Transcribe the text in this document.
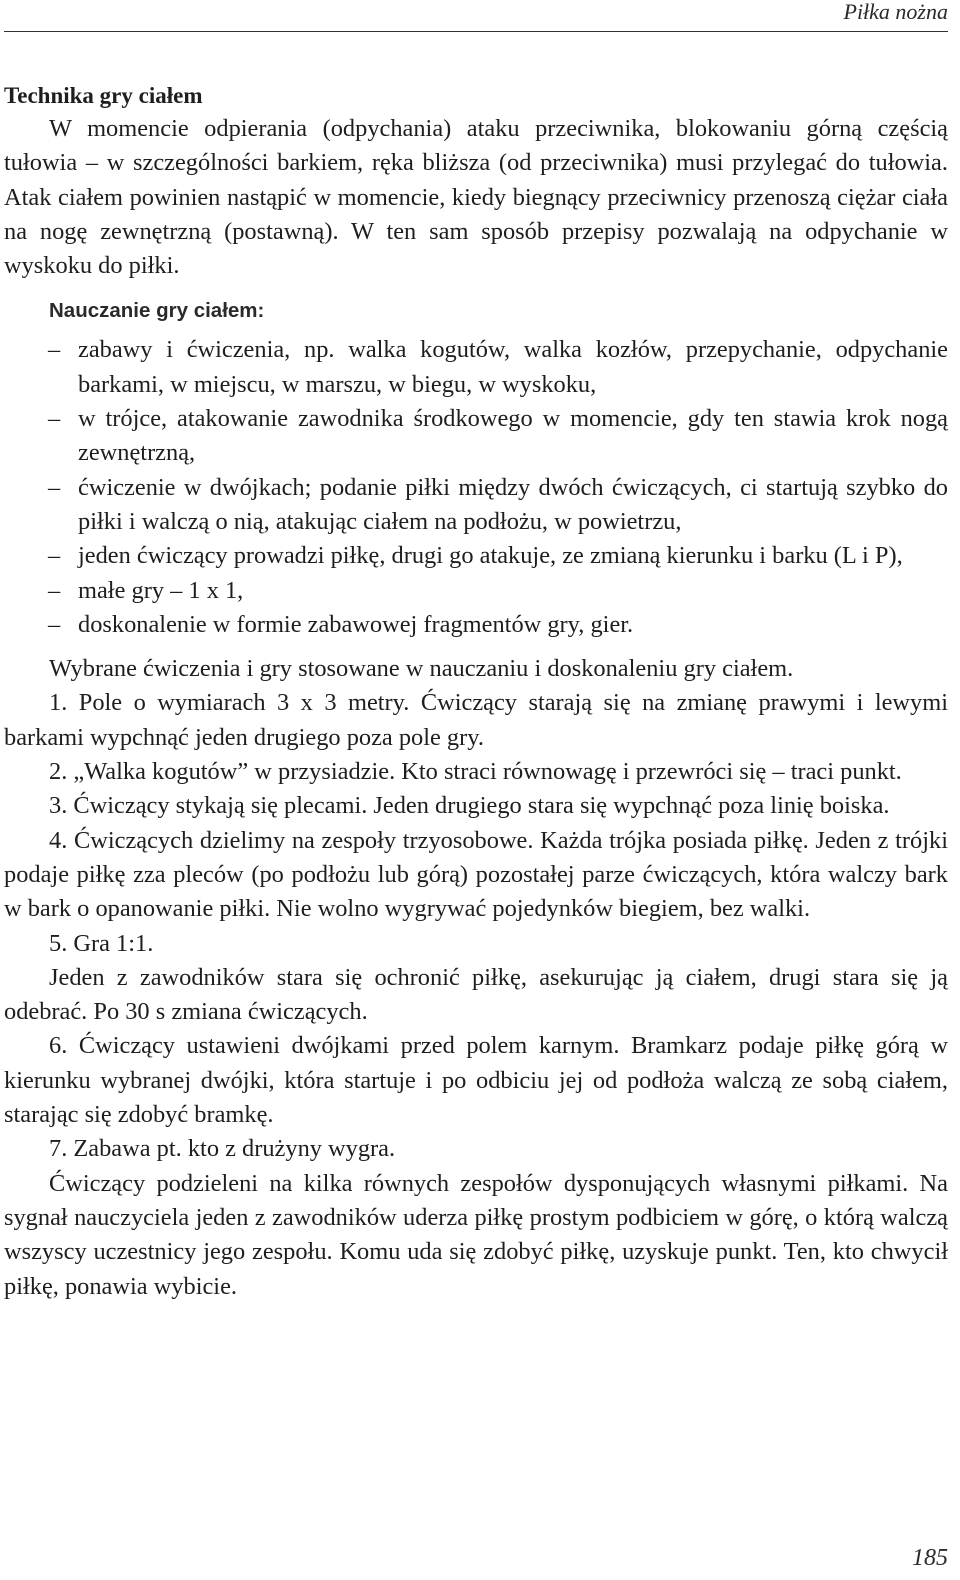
Piłka nożna

Technika gry ciałem

W momencie odpierania (odpychania) ataku przeciwnika, blokowaniu górną częścią tułowia – w szczególności barkiem, ręka bliższa (od przeciwnika) musi przylegać do tułowia. Atak ciałem powinien nastąpić w momencie, kiedy biegnący przeciwnicy przenoszą ciężar ciała na nogę zewnętrzną (postawną). W ten sam sposób przepisy pozwalają na odpychanie w wyskoku do piłki.

Nauczanie gry ciałem:

– zabawy i ćwiczenia, np. walka kogutów, walka kozłów, przepychanie, odpychanie barkami, w miejscu, w marszu, w biegu, w wyskoku,
– w trójce, atakowanie zawodnika środkowego w momencie, gdy ten stawia krok nogą zewnętrzną,
– ćwiczenie w dwójkach; podanie piłki między dwóch ćwiczących, ci startują szybko do piłki i walczą o nią, atakując ciałem na podłożu, w powietrzu,
– jeden ćwiczący prowadzi piłkę, drugi go atakuje, ze zmianą kierunku i barku (L i P),
– małe gry – 1 x 1,
– doskonalenie w formie zabawowej fragmentów gry, gier.

Wybrane ćwiczenia i gry stosowane w nauczaniu i doskonaleniu gry ciałem.

1. Pole o wymiarach 3 x 3 metry. Ćwiczący starają się na zmianę prawymi i lewymi barkami wypchnąć jeden drugiego poza pole gry.

2. „Walka kogutów” w przysiadzie. Kto straci równowagę i przewróci się – traci punkt.

3. Ćwiczący stykają się plecami. Jeden drugiego stara się wypchnąć poza linię boiska.

4. Ćwiczących dzielimy na zespoły trzyosobowe. Każda trójka posiada piłkę. Jeden z trójki podaje piłkę zza pleców (po podłożu lub górą) pozostałej parze ćwiczących, która walczy bark w bark o opanowanie piłki. Nie wolno wygrywać pojedynków biegiem, bez walki.

5. Gra 1:1.

Jeden z zawodników stara się ochronić piłkę, asekurując ją ciałem, drugi stara się ją odebrać. Po 30 s zmiana ćwiczących.

6. Ćwiczący ustawieni dwójkami przed polem karnym. Bramkarz podaje piłkę górą w kierunku wybranej dwójki, która startuje i po odbiciu jej od podłoża walczą ze sobą ciałem, starając się zdobyć bramkę.

7. Zabawa pt. kto z drużyny wygra.

Ćwiczący podzieleni na kilka równych zespołów dysponujących własnymi piłkami. Na sygnał nauczyciela jeden z zawodników uderza piłkę prostym podbiciem w górę, o którą walczą wszyscy uczestnicy jego zespołu. Komu uda się zdobyć piłkę, uzyskuje punkt. Ten, kto chwycił piłkę, ponawia wybicie.

185
